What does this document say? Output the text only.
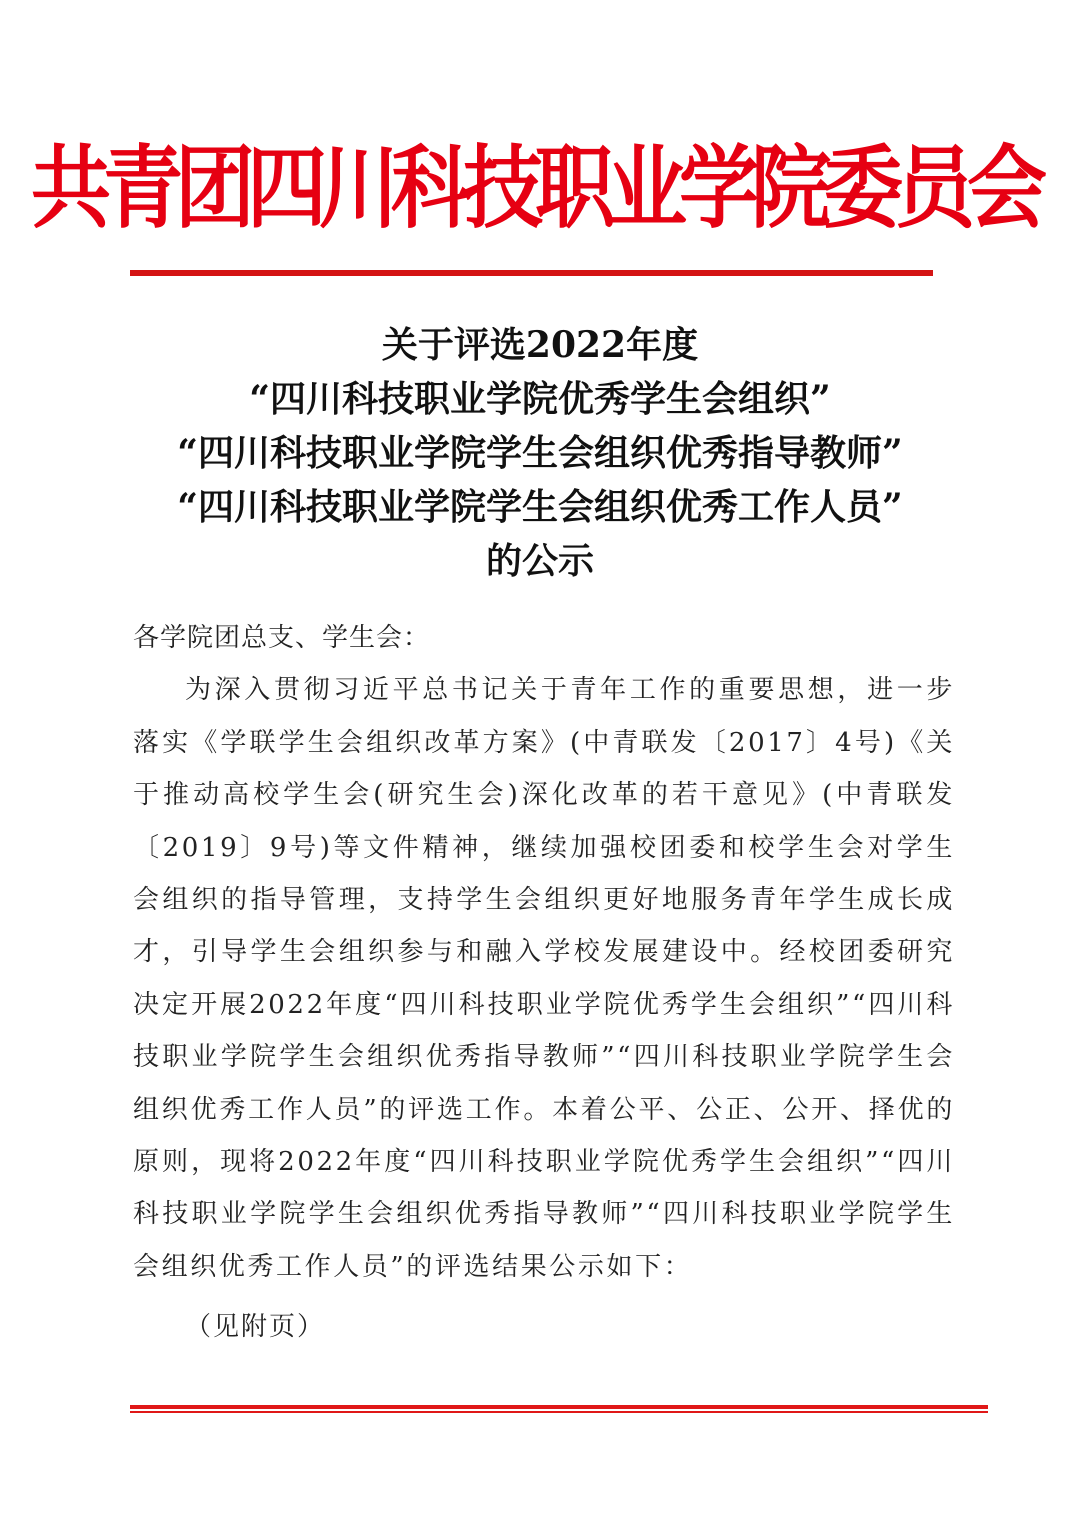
共青团四川科技职业学院委员会
关于评选2022年度
“四川科技职业学院优秀学生会组织”
“四川科技职业学院学生会组织优秀指导教师”
“四川科技职业学院学生会组织优秀工作人员”
的公示

各学院团总支、学生会：

为深入贯彻习近平总书记关于青年工作的重要思想，进一步落实《学联学生会组织改革方案》(中青联发〔2017〕4号)《关于推动高校学生会(研究生会)深化改革的若干意见》(中青联发〔2019〕9号)等文件精神，继续加强校团委和校学生会对学生会组织的指导管理，支持学生会组织更好地服务青年学生成长成才，引导学生会组织参与和融入学校发展建设中。经校团委研究决定开展2022年度“四川科技职业学院优秀学生会组织”“四川科技职业学院学生会组织优秀指导教师”“四川科技职业学院学生会组织优秀工作人员”的评选工作。本着公平、公正、公开、择优的原则，现将2022年度“四川科技职业学院优秀学生会组织”“四川科技职业学院学生会组织优秀指导教师”“四川科技职业学院学生会组织优秀工作人员”的评选结果公示如下：

（见附页）
